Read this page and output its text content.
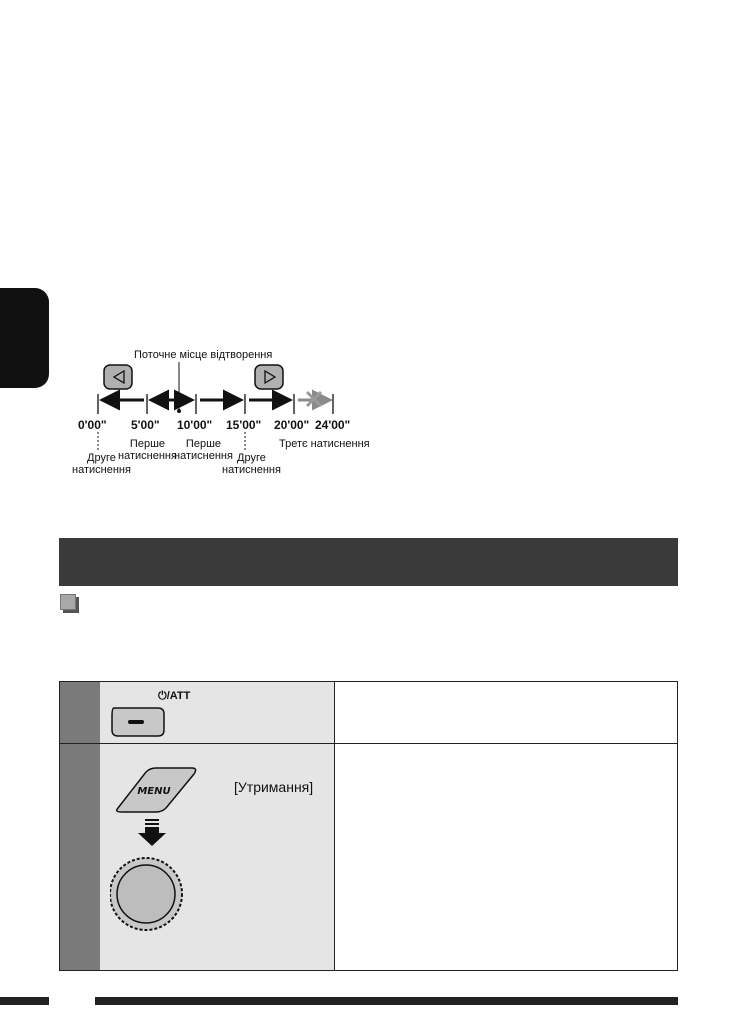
Поточне місце відтворення
0'00" 5'00" 10'00" 15'00" 20'00" 24'00"
Друге
натиснення
Перше
натиснення
Перше
натиснення Друге
натиснення
Третє натиснення
⏻/ATT
MENU	[Утримання]
